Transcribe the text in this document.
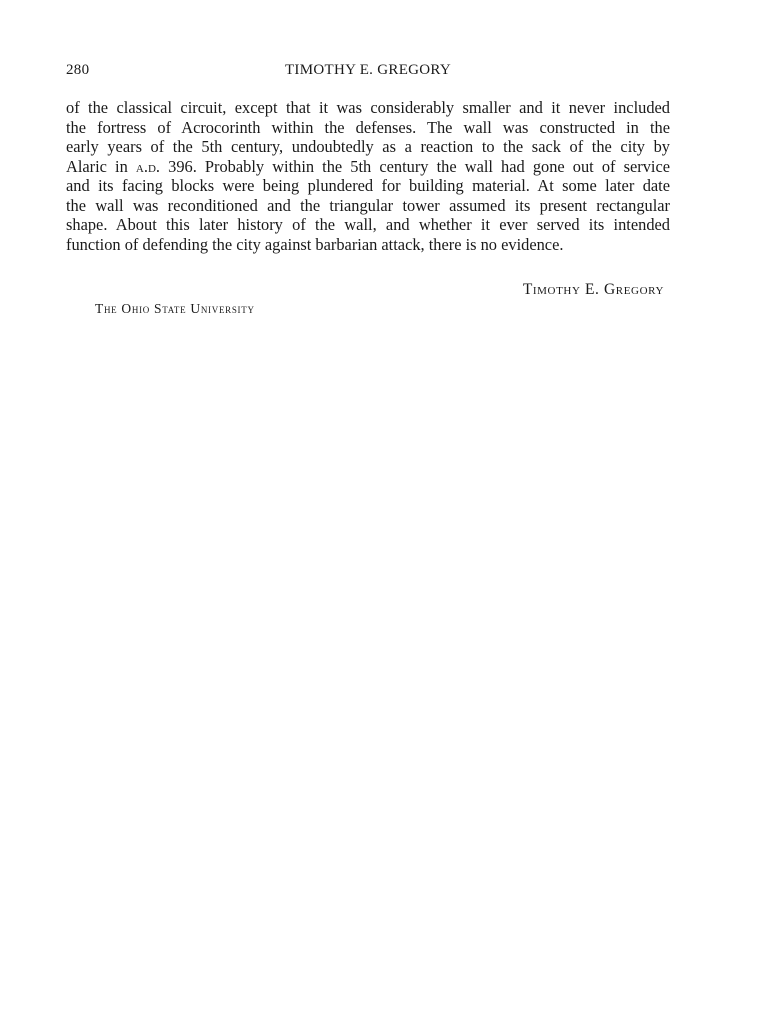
280	TIMOTHY E. GREGORY
of the classical circuit, except that it was considerably smaller and it never included
the fortress of Acrocorinth within the defenses. The wall was constructed in the
early years of the 5th century, undoubtedly as a reaction to the sack of the city by
Alaric in a.d. 396. Probably within the 5th century the wall had gone out of service
and its facing blocks were being plundered for building material. At some later date
the wall was reconditioned and the triangular tower assumed its present rectangular
shape. About this later history of the wall, and whether it ever served its intended
function of defending the city against barbarian attack, there is no evidence.
Timothy E. Gregory
The Ohio State University
